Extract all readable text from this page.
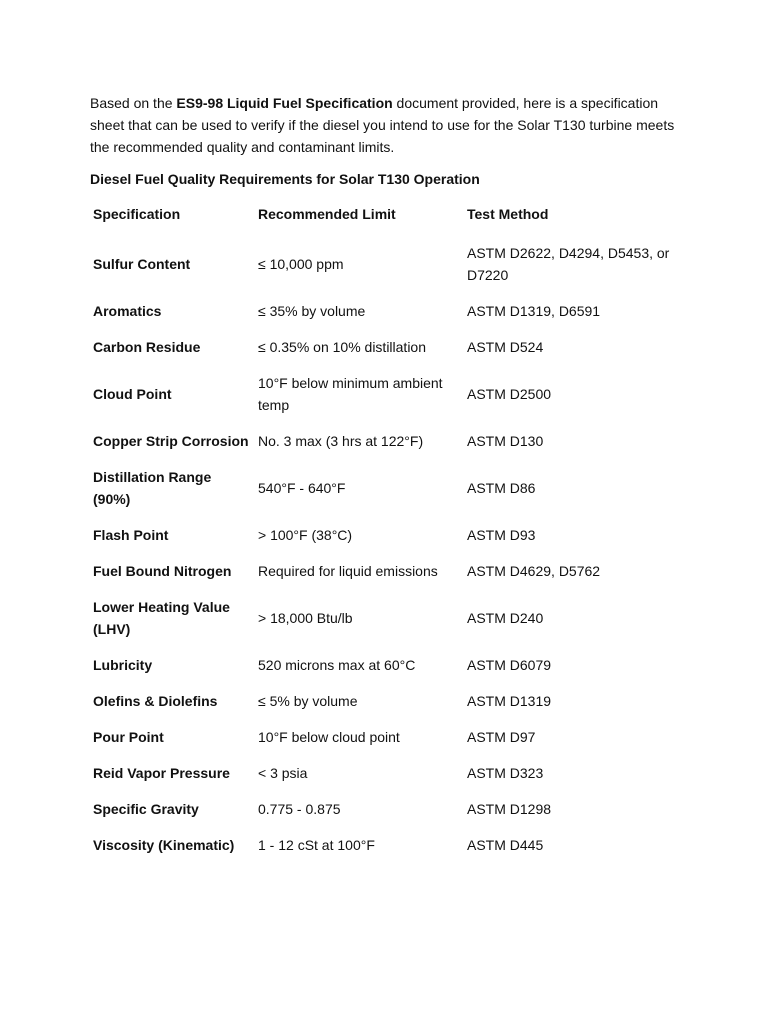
Based on the ES9-98 Liquid Fuel Specification document provided, here is a specification sheet that can be used to verify if the diesel you intend to use for the Solar T130 turbine meets the recommended quality and contaminant limits.

Diesel Fuel Quality Requirements for Solar T130 Operation

Specification	Recommended Limit	Test Method
Sulfur Content	≤ 10,000 ppm	ASTM D2622, D4294, D5453, or D7220
Aromatics	≤ 35% by volume	ASTM D1319, D6591
Carbon Residue	≤ 0.35% on 10% distillation	ASTM D524
Cloud Point	10°F below minimum ambient temp	ASTM D2500
Copper Strip Corrosion	No. 3 max (3 hrs at 122°F)	ASTM D130
Distillation Range (90%)	540°F - 640°F	ASTM D86
Flash Point	> 100°F (38°C)	ASTM D93
Fuel Bound Nitrogen	Required for liquid emissions	ASTM D4629, D5762
Lower Heating Value (LHV)	> 18,000 Btu/lb	ASTM D240
Lubricity	520 microns max at 60°C	ASTM D6079
Olefins & Diolefins	≤ 5% by volume	ASTM D1319
Pour Point	10°F below cloud point	ASTM D97
Reid Vapor Pressure	< 3 psia	ASTM D323
Specific Gravity	0.775 - 0.875	ASTM D1298
Viscosity (Kinematic)	1 - 12 cSt at 100°F	ASTM D445
